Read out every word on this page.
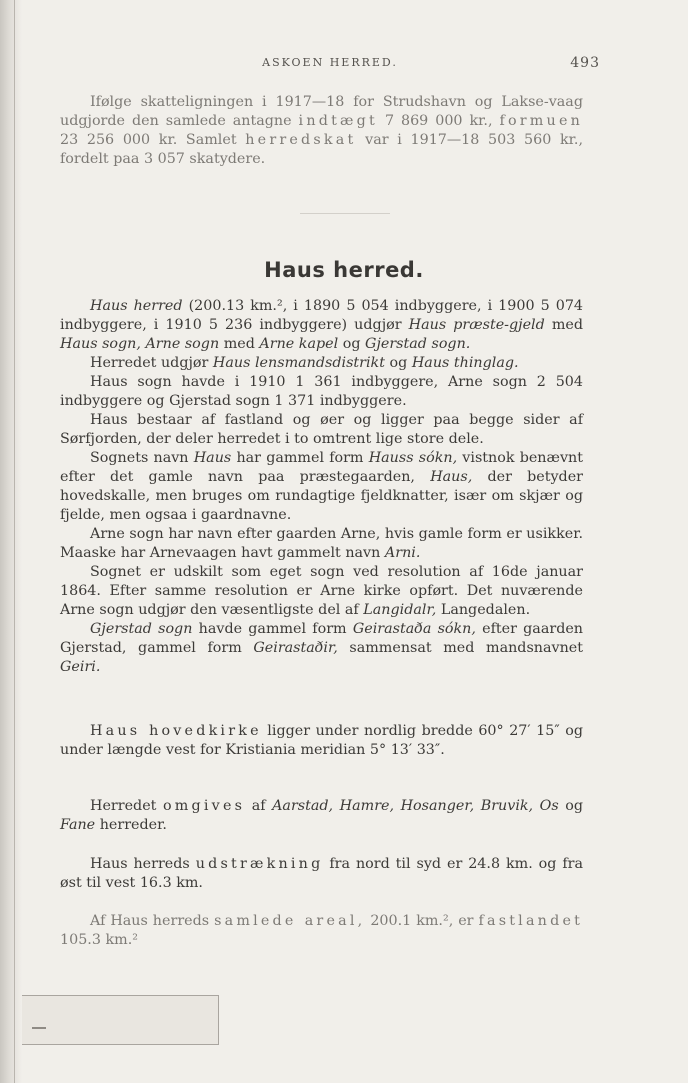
ASKOEN HERRED.	493

Ifølge skatteligningen i 1917—18 for Strudshavn og Lakse-vaag udgjorde den samlede antagne indtægt 7 869 000 kr., formuen 23 256 000 kr. Samlet herredskat var i 1917—18 503 560 kr., fordelt paa 3 057 skatydere.

Haus herred.

Haus herred (200.13 km.², i 1890 5 054 indbyggere, i 1900 5 074 indbyggere, i 1910 5 236 indbyggere) udgjør Haus præste-gjeld med Haus sogn, Arne sogn med Arne kapel og Gjerstad sogn.

Herredet udgjør Haus lensmandsdistrikt og Haus thinglag.

Haus sogn havde i 1910 1 361 indbyggere, Arne sogn 2 504 indbyggere og Gjerstad sogn 1 371 indbyggere.

Haus bestaar af fastland og øer og ligger paa begge sider af Sørfjorden, der deler herredet i to omtrent lige store dele.

Sognets navn Haus har gammel form Hauss sókn, vistnok benævnt efter det gamle navn paa præstegaarden, Haus, der betyder hovedskalle, men bruges om rundagtige fjeldknatter, især om skjær og fjelde, men ogsaa i gaardnavne.

Arne sogn har navn efter gaarden Arne, hvis gamle form er usikker. Maaske har Arnevaagen havt gammelt navn Arni.

Sognet er udskilt som eget sogn ved resolution af 16de januar 1864. Efter samme resolution er Arne kirke opført. Det nuværende Arne sogn udgjør den væsentligste del af Langidalr, Langedalen.

Gjerstad sogn havde gammel form Geirastaða sókn, efter gaarden Gjerstad, gammel form Geirastaðir, sammensat med mandsnavnet Geiri.

Haus hovedkirke ligger under nordlig bredde 60° 27′ 15″ og under længde vest for Kristiania meridian 5° 13′ 33″.

Herredet omgives af Aarstad, Hamre, Hosanger, Bruvik, Os og Fane herreder.

Haus herreds udstrækning fra nord til syd er 24.8 km. og fra øst til vest 16.3 km.

Af Haus herreds samlede areal, 200.1 km.², er fastlandet 105.3 km.²
